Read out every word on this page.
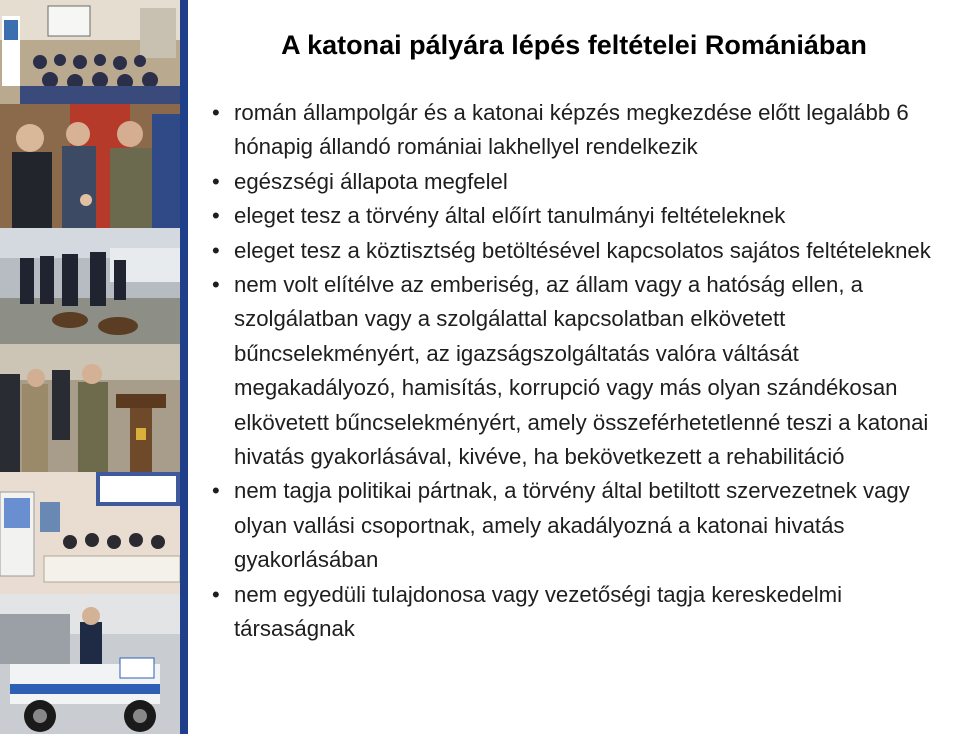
A katonai pályára lépés feltételei Romániában
• román állampolgár és a katonai képzés megkezdése előtt legalább 6 hónapig állandó romániai lakhellyel rendelkezik
• egészségi állapota megfelel
• eleget tesz a törvény által előírt tanulmányi feltételeknek
• eleget tesz a köztisztség betöltésével kapcsolatos sajátos feltételeknek
• nem volt elítélve az emberiség, az állam vagy a hatóság ellen, a szolgálatban vagy a szolgálattal kapcsolatban elkövetett bűncselekményért, az igazságszolgáltatás valóra váltását megakadályozó, hamisítás, korrupció vagy más olyan szándékosan elkövetett bűncselekményért, amely összeférhetetlenné teszi a katonai hivatás gyakorlásával, kivéve, ha bekövetkezett a rehabilitáció
• nem tagja politikai pártnak, a törvény által betiltott szervezetnek vagy olyan vallási csoportnak, amely akadályozná a katonai hivatás gyakorlásában
• nem egyedüli tulajdonosa vagy vezetőségi tagja kereskedelmi társaságnak
